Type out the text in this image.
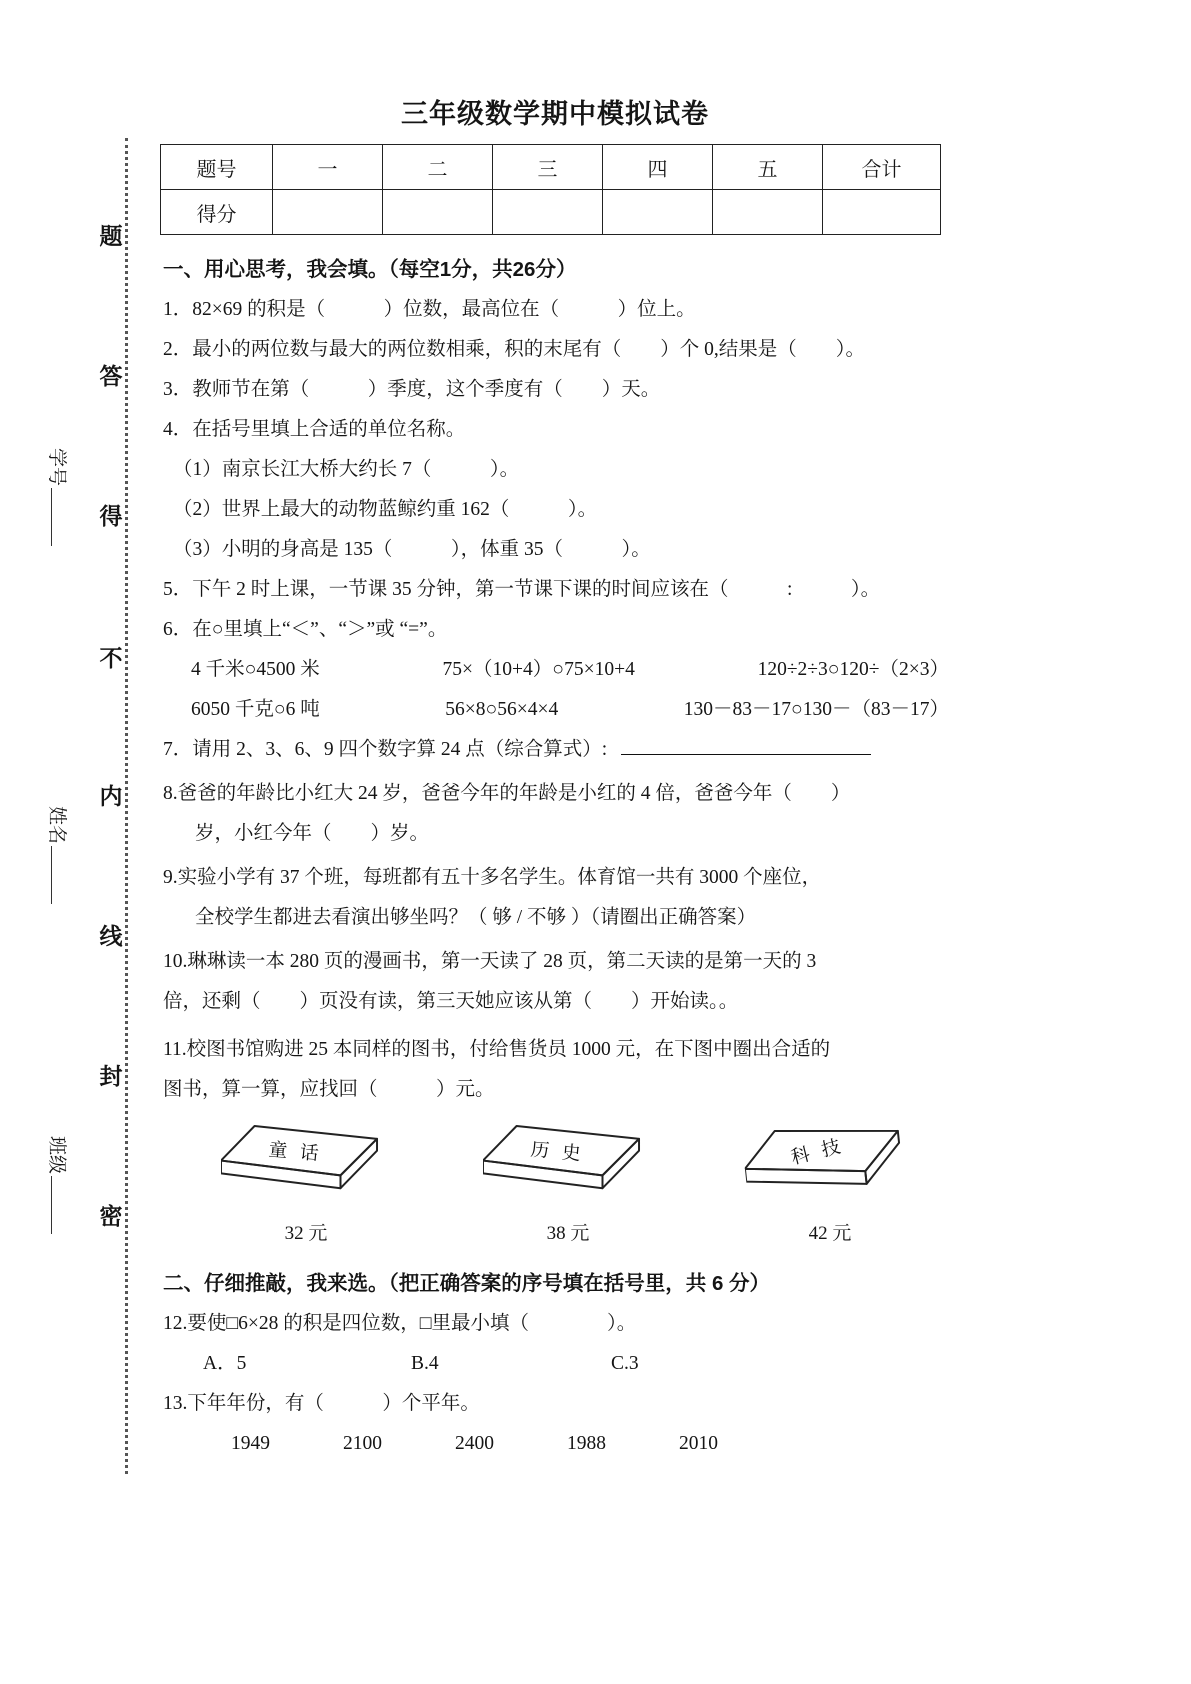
题
答
得
不
内
线
封
密
学号
姓名
班级
三年级数学期中模拟试卷
题号	一	二	三	四	五	合计
得分						
一、用心思考，我会填。（每空1分，共26分）
1．82×69 的积是（　　　）位数，最高位在（　　　）位上。
2．最小的两位数与最大的两位数相乘，积的末尾有（　　）个 0,结果是（　　）。
3．教师节在第（　　　）季度，这个季度有（　　）天。
4．在括号里填上合适的单位名称。
（1）南京长江大桥大约长 7（　　　）。
（2）世界上最大的动物蓝鲸约重 162（　　　）。
（3）小明的身高是 135（　　　），体重 35（　　　）。
5．下午 2 时上课，一节课 35 分钟，第一节课下课的时间应该在（　　　:　　　）。
6．在○里填上“＜”、“＞”或 “=”。
4 千米○4500 米	75×（10+4）○75×10+4	120÷2÷3○120÷（2×3）
6050 千克○6 吨	56×8○56×4×4	130－83－17○130－（83－17）
7．请用 2、3、6、9 四个数字算 24 点（综合算式）:
8.爸爸的年龄比小红大 24 岁，爸爸今年的年龄是小红的 4 倍，爸爸今年（　　）
岁，小红今年（　　）岁。
9.实验小学有 37 个班，每班都有五十多名学生。体育馆一共有 3000 个座位，
全校学生都进去看演出够坐吗？（ 够 / 不够 ）（请圈出正确答案）
10.琳琳读一本 280 页的漫画书，第一天读了 28 页，第二天读的是第一天的 3
倍，还剩（　　）页没有读，第三天她应该从第（　　）开始读。。
11.校图书馆购进 25 本同样的图书，付给售货员 1000 元，在下图中圈出合适的
图书，算一算，应找回（　　　）元。
童 话
32 元
历 史
38 元
科 技
42 元
二、仔细推敲，我来选。（把正确答案的序号填在括号里，共 6 分）
12.要使□6×28 的积是四位数，□里最小填（　　　　）。
A．5	B.4	C.3
13.下年年份，有（　　　）个平年。
1949	2100	2400	1988	2010
